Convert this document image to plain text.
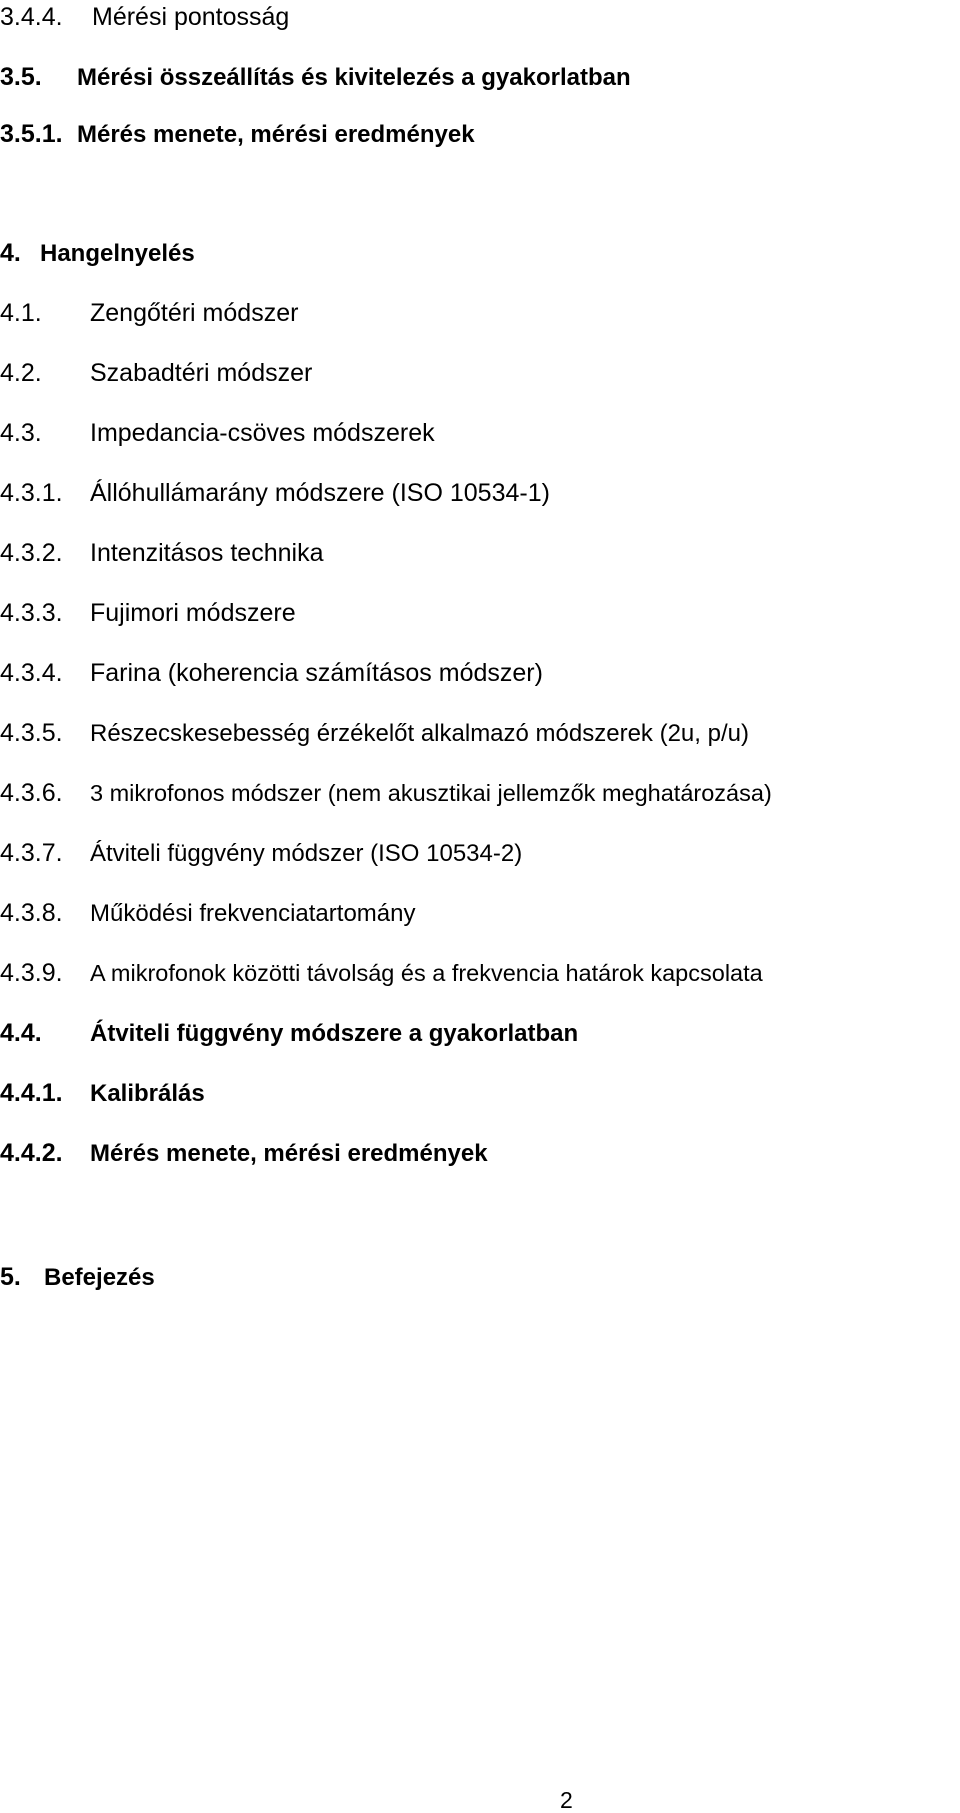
3.4.4. Mérési pontosság
3.5. Mérési összeállítás és kivitelezés a gyakorlatban
3.5.1. Mérés menete, mérési eredmények
4. Hangelnyelés
4.1. Zengőtéri módszer
4.2. Szabadtéri módszer
4.3. Impedancia-csöves módszerek
4.3.1. Állóhullámarány módszere (ISO 10534-1)
4.3.2. Intenzitásos technika
4.3.3. Fujimori módszere
4.3.4. Farina (koherencia számításos módszer)
4.3.5. Részecskesebesség érzékelőt alkalmazó módszerek (2u, p/u)
4.3.6. 3 mikrofonos módszer (nem akusztikai jellemzők meghatározása)
4.3.7. Átviteli függvény módszer (ISO 10534-2)
4.3.8. Működési frekvenciatartomány
4.3.9. A mikrofonok közötti távolság és a frekvencia határok kapcsolata
4.4. Átviteli függvény módszere a gyakorlatban
4.4.1. Kalibrálás
4.4.2. Mérés menete, mérési eredmények
5. Befejezés
2
